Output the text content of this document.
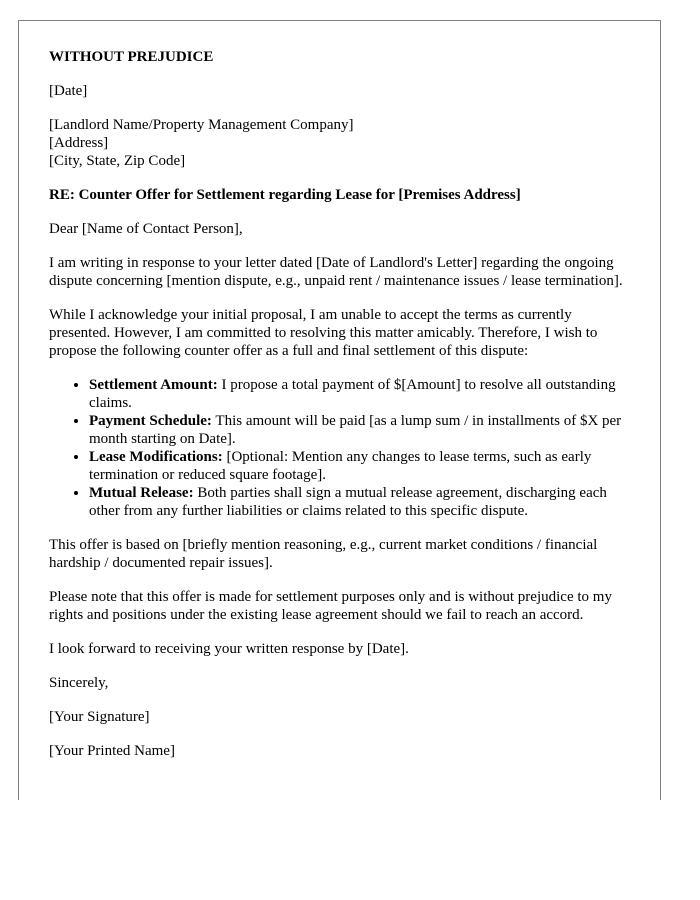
WITHOUT PREJUDICE

[Date]

[Landlord Name/Property Management Company]

[Address]

[City, State, Zip Code]

RE: Counter Offer for Settlement regarding Lease for [Premises Address]

Dear [Name of Contact Person],

I am writing in response to your letter dated [Date of Landlord's Letter] regarding the ongoing dispute concerning [mention dispute, e.g., unpaid rent / maintenance issues / lease termination].

While I acknowledge your initial proposal, I am unable to accept the terms as currently presented. However, I am committed to resolving this matter amicably. Therefore, I wish to propose the following counter offer as a full and final settlement of this dispute:

• Settlement Amount: I propose a total payment of $[Amount] to resolve all outstanding claims.
• Payment Schedule: This amount will be paid [as a lump sum / in installments of $X per month starting on Date].
• Lease Modifications: [Optional: Mention any changes to lease terms, such as early termination or reduced square footage].
• Mutual Release: Both parties shall sign a mutual release agreement, discharging each other from any further liabilities or claims related to this specific dispute.

This offer is based on [briefly mention reasoning, e.g., current market conditions / financial hardship / documented repair issues].

Please note that this offer is made for settlement purposes only and is without prejudice to my rights and positions under the existing lease agreement should we fail to reach an accord.

I look forward to receiving your written response by [Date].

Sincerely,

[Your Signature]

[Your Printed Name]
